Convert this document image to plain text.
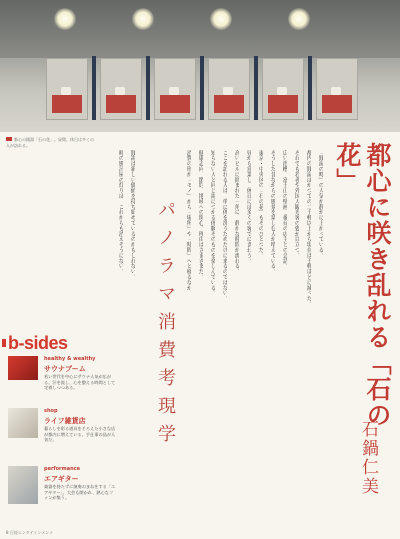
都心の銭湯「石の花」。昼間、休日は多くの人が訪れる。	都心に咲き乱れる「石の花」
石鍋仁美
パノラマ消費考現学	「銭湯の町」の人気が静かに上がっている。
都内の銭湯はかつての二千軒以上から現在は千軒ほどに減った。
それでも若者や外国人観光客の姿が目立つ。
広い浴槽、富士山の壁画、番台の店主との会話。
そうした昔ながらの風景を楽しむ人が増えている。
東京・中央区の「石の花」もそのひとつだ。
昼から営業し、休日には多くの客でにぎわう。
高いビルに囲まれた一角に、静かな時間が流れる。
ここを訪れる人は、単に体を洗うためだけに来るのではない。
知らない人と同じ湯につかる体験そのものを楽しんでいる。
健康志向、節約、地域への関心。理由はさまざまだ。
消費の形が「モノ」から「場所」や「時間」へと移るなか、
銭湯は新しい価値を持ち始めているのかもしれない。
町の風呂屋の灯りは、これからも消えそうにない。
b-sides
healthy & wealthy
サウナブーム
若い世代を中心にサウナ人気が広がる。汗を流し、心を整える時間として定着しつつある。
shop
ライフ雑貨店
暮らしを彩る道具をそろえた小さな店が都内に増えている。手仕事の品が人気だ。
performance
エアギター
楽器を持たずに演奏のまねをする「エアギター」。大会も開かれ、熱心なファンが集う。
8 日経エンタテインメント
